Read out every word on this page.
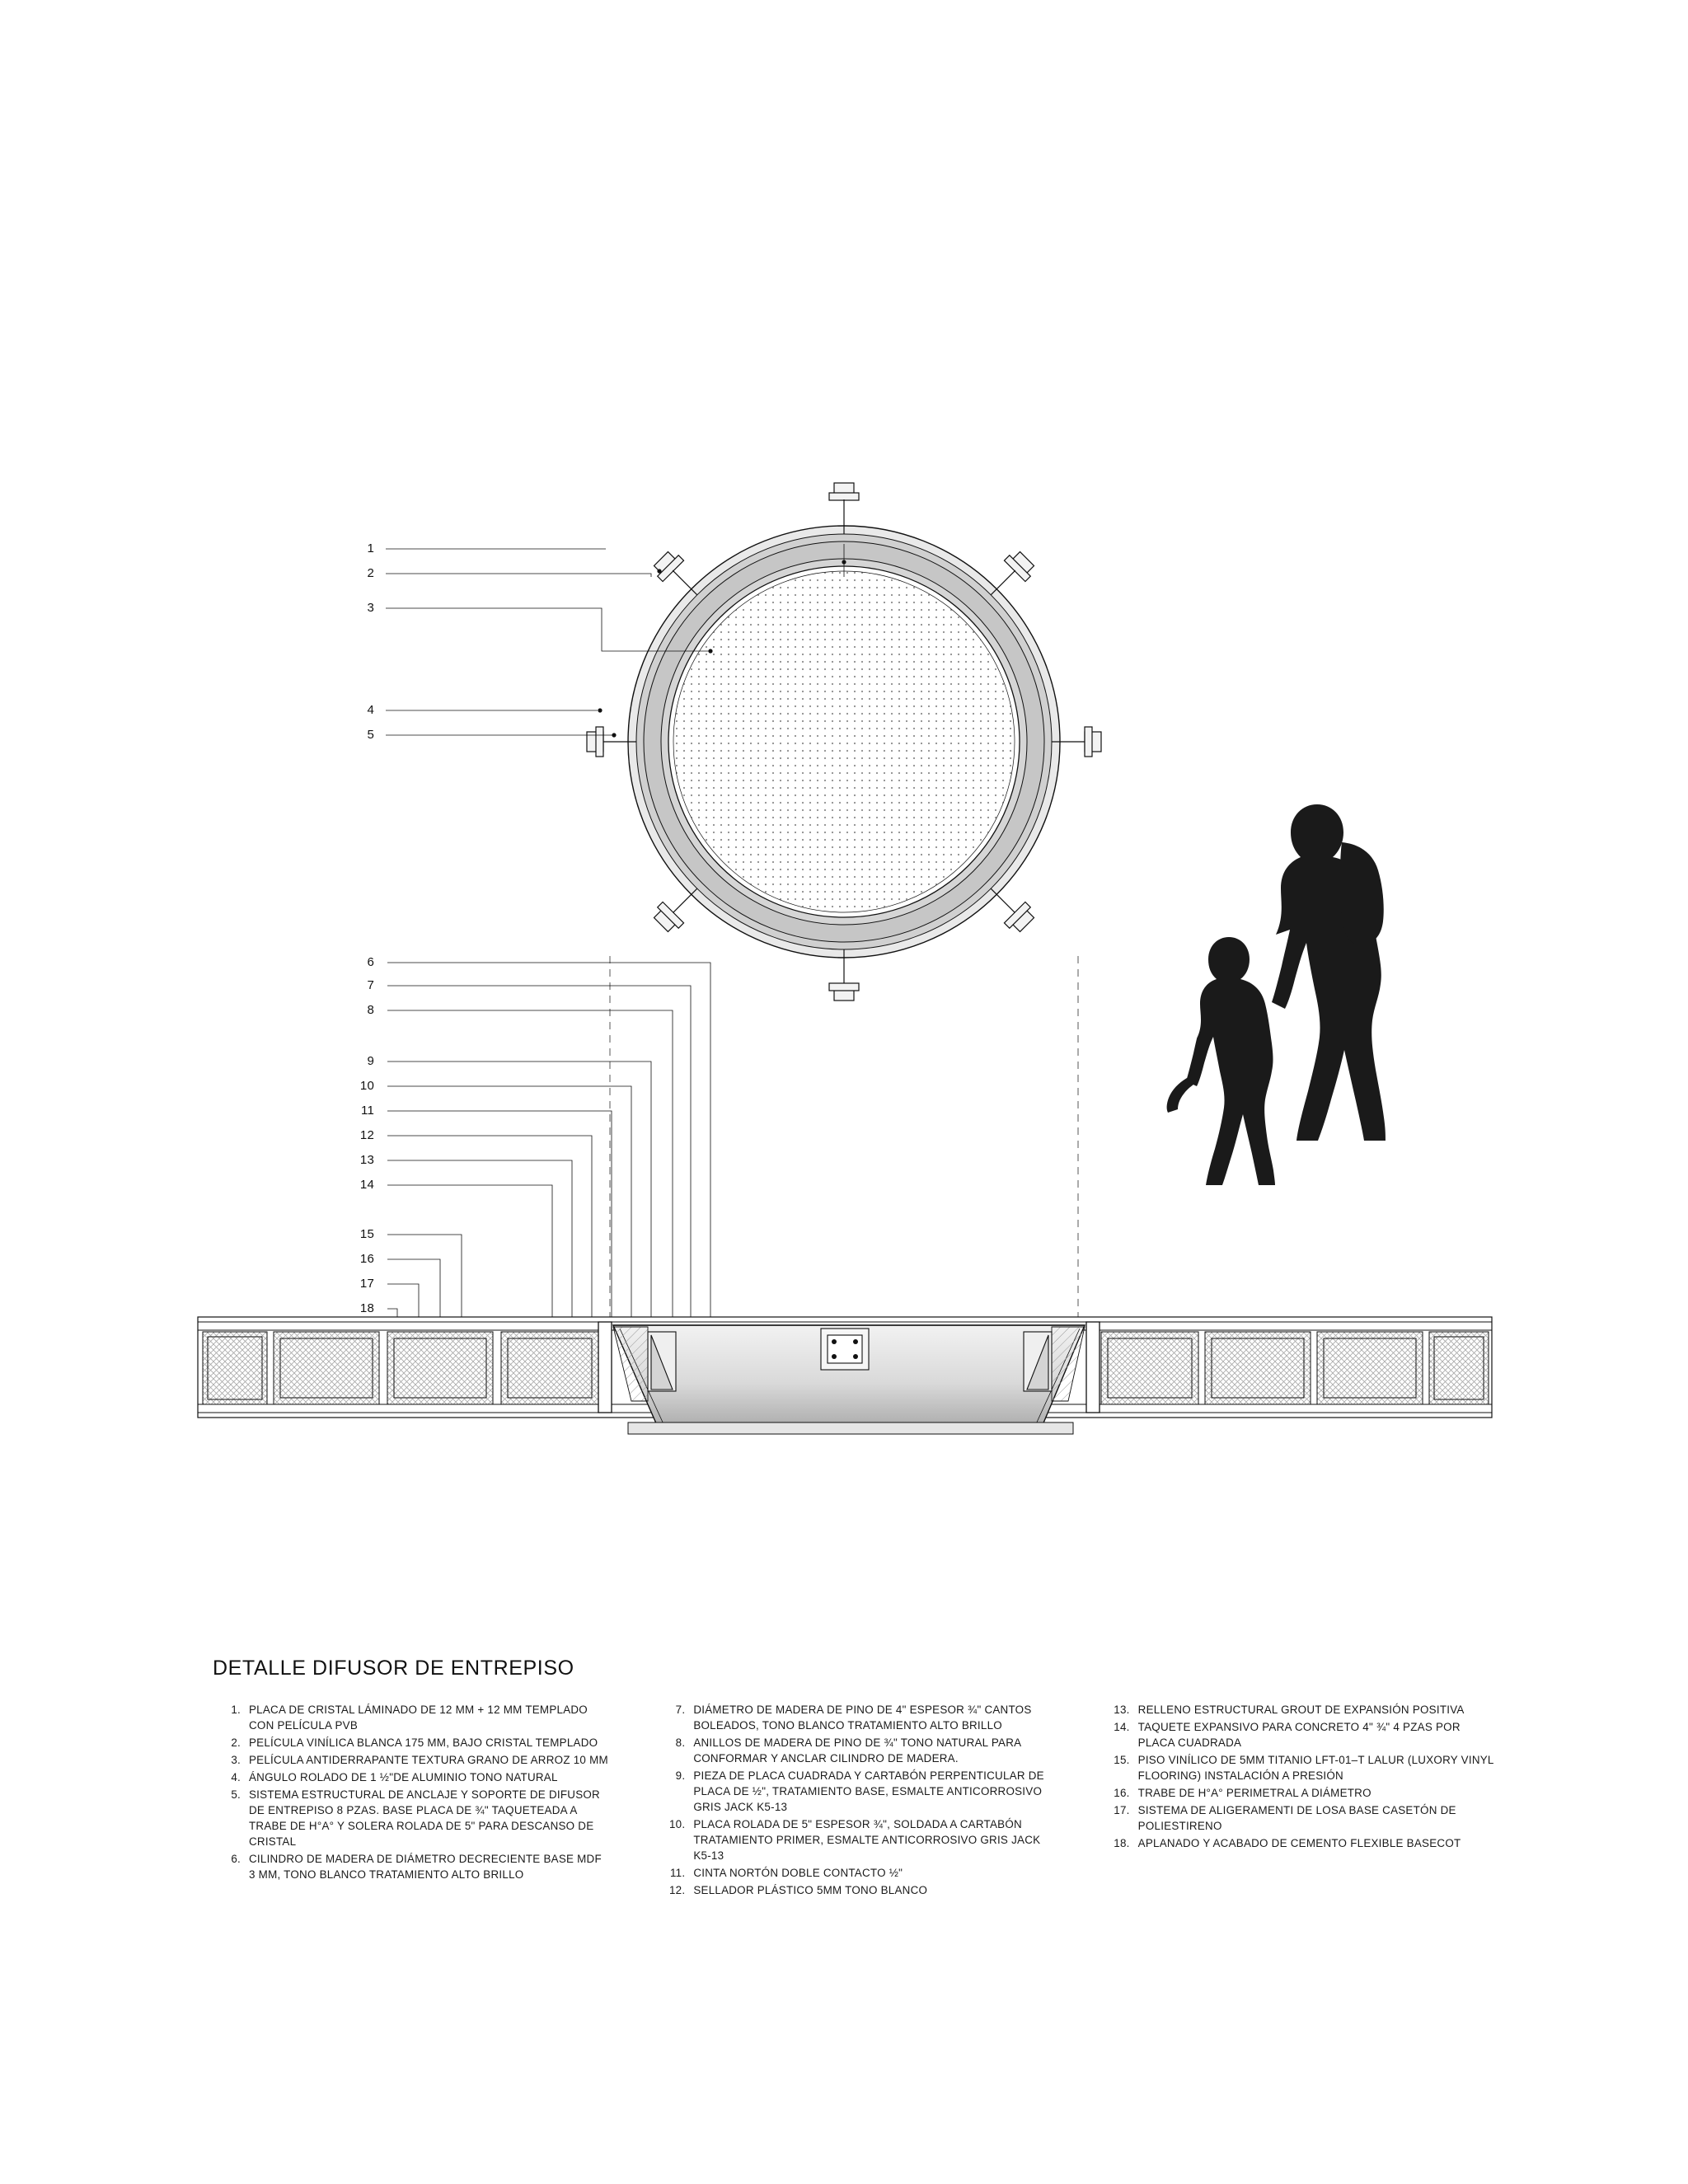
1
2
3
4
5
6
7
8
9
10
11
12
13
14
15
16
17
18
DETALLE DIFUSOR DE ENTREPISO
1. PLACA DE CRISTAL LÁMINADO DE 12 MM + 12 MM TEMPLADO CON PELÍCULA PVB
2. PELÍCULA VINÍLICA BLANCA 175 MM, BAJO CRISTAL TEMPLADO
3. PELÍCULA ANTIDERRAPANTE TEXTURA GRANO DE ARROZ 10 MM
4. ÁNGULO ROLADO DE 1 ½"DE ALUMINIO TONO NATURAL
5. SISTEMA ESTRUCTURAL DE ANCLAJE Y SOPORTE DE DIFUSOR DE ENTREPISO 8 PZAS. BASE PLACA DE ¾" TAQUETEADA A TRABE DE H°A° Y SOLERA ROLADA DE 5" PARA DESCANSO DE CRISTAL
6. CILINDRO DE MADERA DE DIÁMETRO DECRECIENTE BASE MDF 3 MM, TONO BLANCO TRATAMIENTO ALTO BRILLO
7. DIÁMETRO DE MADERA DE PINO DE 4" ESPESOR ¾" CANTOS BOLEADOS, TONO BLANCO TRATAMIENTO ALTO BRILLO
8. ANILLOS DE MADERA DE PINO DE ¾" TONO NATURAL PARA CONFORMAR Y ANCLAR CILINDRO DE MADERA.
9. PIEZA DE PLACA CUADRADA Y CARTABÓN PERPENTICULAR DE PLACA DE ½", TRATAMIENTO BASE, ESMALTE ANTICORROSIVO GRIS JACK K5-13
10. PLACA ROLADA DE 5" ESPESOR ¾", SOLDADA A CARTABÓN TRATAMIENTO PRIMER, ESMALTE ANTICORROSIVO GRIS JACK K5-13
11. CINTA NORTÓN DOBLE CONTACTO ½"
12. SELLADOR PLÁSTICO 5MM TONO BLANCO
13. RELLENO ESTRUCTURAL GROUT DE EXPANSIÓN POSITIVA
14. TAQUETE EXPANSIVO PARA CONCRETO 4" ¾" 4 PZAS POR PLACA CUADRADA
15. PISO VINÍLICO DE 5MM TITANIO LFT-01–T LALUR (LUXORY VINYL FLOORING) INSTALACIÓN A PRESIÓN
16. TRABE DE H°A° PERIMETRAL A DIÁMETRO
17. SISTEMA DE ALIGERAMENTI DE LOSA BASE CASETÓN DE POLIESTIRENO
18. APLANADO Y ACABADO DE CEMENTO FLEXIBLE BASECOT
